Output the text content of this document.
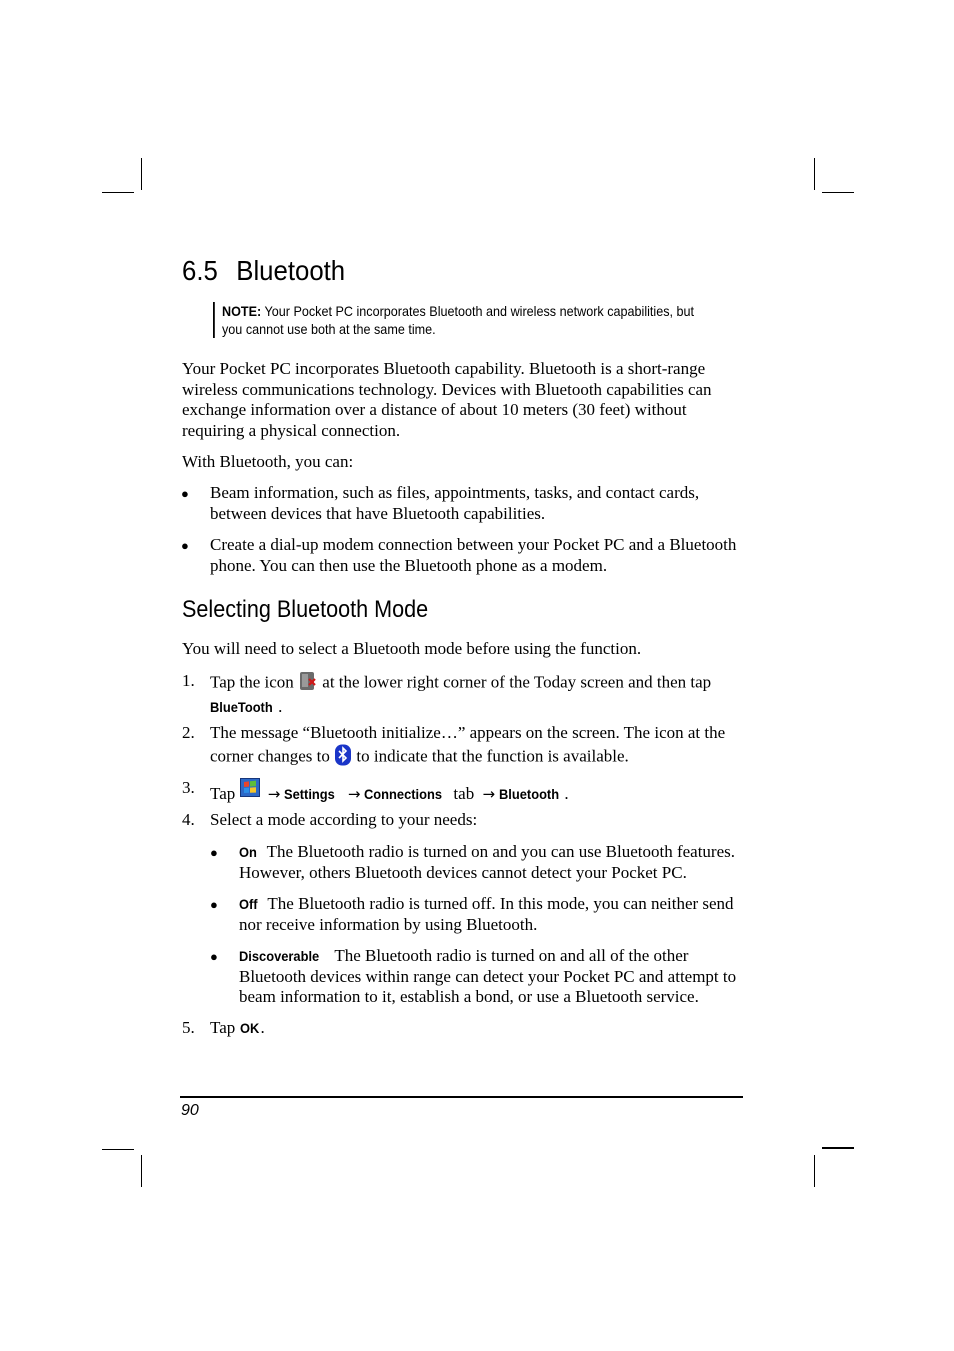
6.5 Bluetooth
NOTE: Your Pocket PC incorporates Bluetooth and wireless network capabilities, but you cannot use both at the same time.

Your Pocket PC incorporates Bluetooth capability. Bluetooth is a short-range wireless communications technology. Devices with Bluetooth capabilities can exchange information over a distance of about 10 meters (30 feet) without requiring a physical connection.

With Bluetooth, you can:

●	Beam information, such as files, appointments, tasks, and contact cards, between devices that have Bluetooth capabilities.

●	Create a dial-up modem connection between your Pocket PC and a Bluetooth phone. You can then use the Bluetooth phone as a modem.

Selecting Bluetooth Mode

You will need to select a Bluetooth mode before using the function.

1. Tap the icon at the lower right corner of the Today screen and then tap
BlueTooth .

2. The message “Bluetooth initialize…” appears on the screen. The icon at the corner changes to to indicate that the function is available.

3. Tap → Settings → Connections tab → Bluetooth .

4. Select a mode according to your needs:

●	On The Bluetooth radio is turned on and you can use Bluetooth features. However, others Bluetooth devices cannot detect your Pocket PC.

●	Off The Bluetooth radio is turned off. In this mode, you can neither send nor receive information by using Bluetooth.

●	Discoverable The Bluetooth radio is turned on and all of the other Bluetooth devices within range can detect your Pocket PC and attempt to beam information to it, establish a bond, or use a Bluetooth service.

5. Tap OK.

90
